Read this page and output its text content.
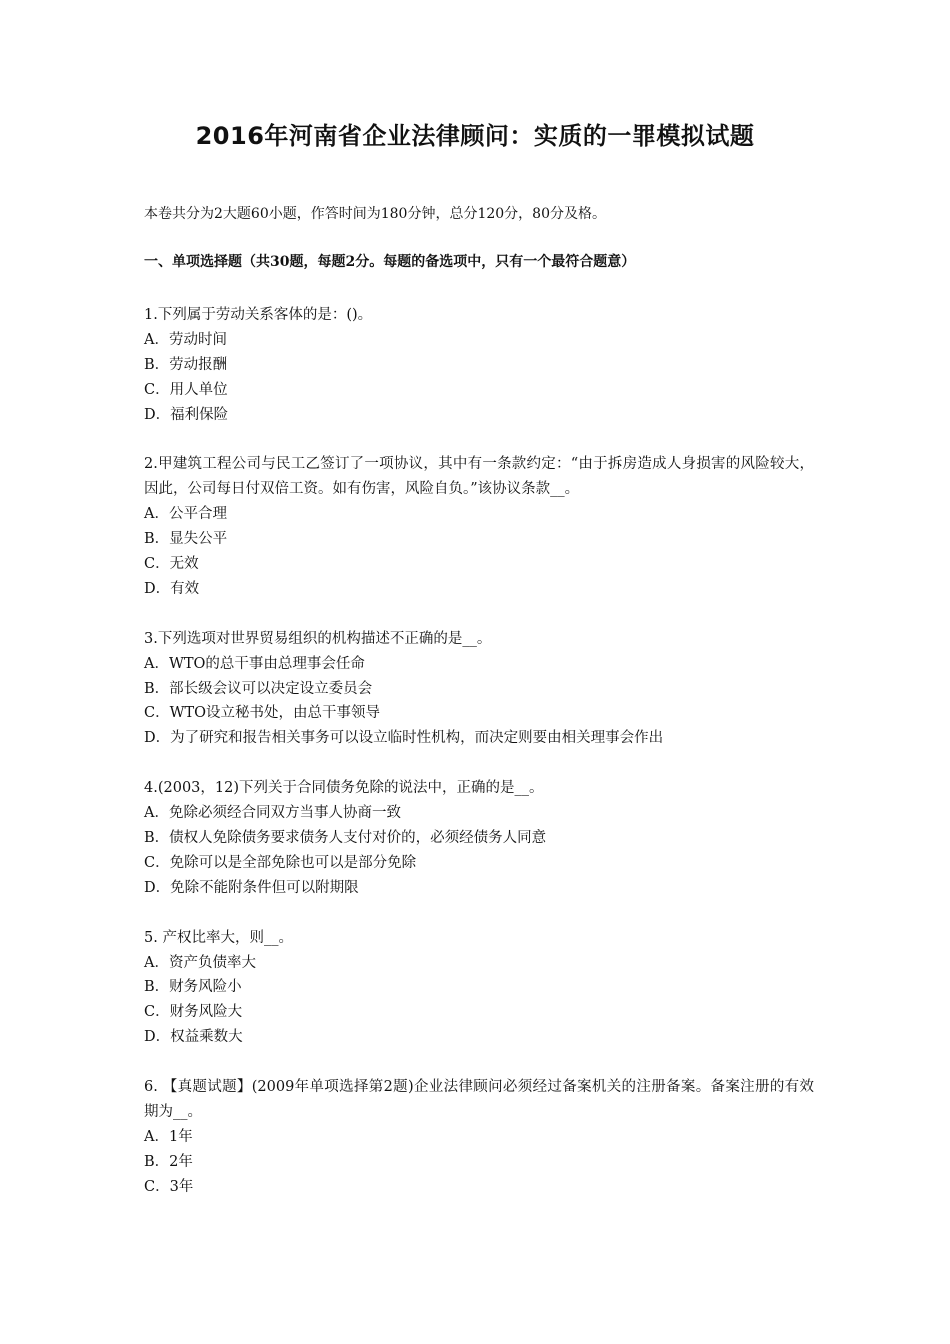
2016年河南省企业法律顾问：实质的一罪模拟试题
本卷共分为2大题60小题，作答时间为180分钟，总分120分，80分及格。
一、单项选择题（共30题，每题2分。每题的备选项中，只有一个最符合题意）
1.下列属于劳动关系客体的是：()。
A．劳动时间
B．劳动报酬
C．用人单位
D．福利保险
2.甲建筑工程公司与民工乙签订了一项协议，其中有一条款约定：“由于拆房造成人身损害的风险较大，因此，公司每日付双倍工资。如有伤害，风险自负。”该协议条款__。
A．公平合理
B．显失公平
C．无效
D．有效
3.下列选项对世界贸易组织的机构描述不正确的是__。
A．WTO的总干事由总理事会任命
B．部长级会议可以决定设立委员会
C．WTO设立秘书处，由总干事领导
D．为了研究和报告相关事务可以设立临时性机构，而决定则要由相关理事会作出
4.(2003，12)下列关于合同债务免除的说法中，正确的是__。
A．免除必须经合同双方当事人协商一致
B．债权人免除债务要求债务人支付对价的，必须经债务人同意
C．免除可以是全部免除也可以是部分免除
D．免除不能附条件但可以附期限
5. 产权比率大，则__。
A．资产负债率大
B．财务风险小
C．财务风险大
D．权益乘数大
6. 【真题试题】(2009年单项选择第2题)企业法律顾问必须经过备案机关的注册备案。备案注册的有效期为__。
A．1年
B．2年
C．3年
